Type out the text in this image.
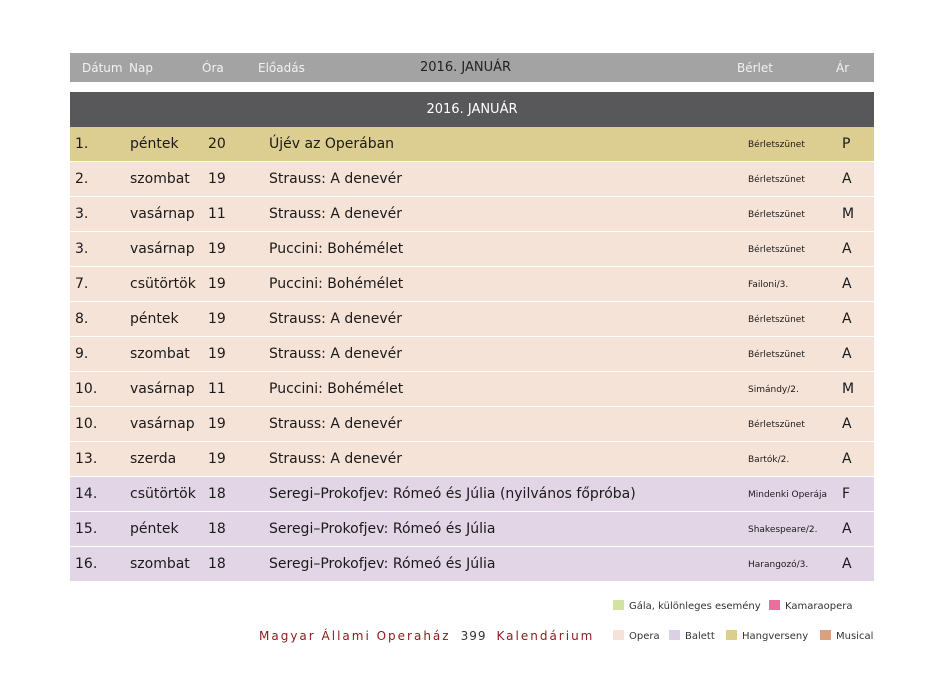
Dátum Nap	Óra	Előadás	2016. JANUÁR	Bérlet	Ár
2016. JANUÁR
1.	péntek 20	Újév az Operában	Bérletszünet	P
2.	szombat 19	Strauss: A denevér	Bérletszünet	A
3.	vasárnap 11	Strauss: A denevér	Bérletszünet	M
3.	vasárnap 19	Puccini: Bohémélet	Bérletszünet	A
7.	csütörtök 19	Puccini: Bohémélet	Failoni/3.	A
8.	péntek 19	Strauss: A denevér	Bérletszünet	A
9.	szombat 19	Strauss: A denevér	Bérletszünet	A
10. vasárnap 11	Puccini: Bohémélet	Simándy/2.	M
10. vasárnap 19	Strauss: A denevér	Bérletszünet	A
13. szerda 19	Strauss: A denevér	Bartók/2.	A
14. csütörtök 18	Seregi–Prokofjev: Rómeó és Júlia (nyilvános főpróba)	Mindenki Operája F
15. péntek 18	Seregi–Prokofjev: Rómeó és Júlia	Shakespeare/2. A
16. szombat 18	Seregi–Prokofjev: Rómeó és Júlia	Harangozó/3. A
Gála, különleges esemény	Kamaraopera
Opera	Balett	Hangverseny	Musical
Magyar Állami Operaház 399 Kalendárium
